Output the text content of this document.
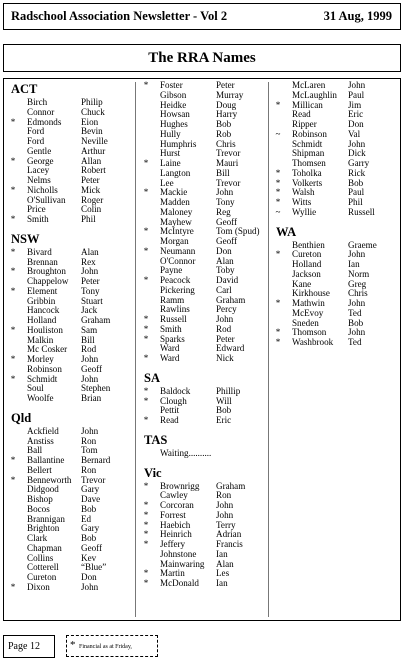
Radschool Association Newsletter - Vol 2	31 Aug, 1999
The RRA Names
ACT
Birch	Philip
Connor	Chuck
*	Edmonds Eion
Ford	Bevin
Ford	Neville
Gentle	Arthur
*	George	Allan
Lacey	Robert
Nelms	Peter
*	Nicholls	Mick
O'Sullivan Roger
Price	Colin
*	Smith	Phil
NSW
*	Bivard	Alan
Brennan	Rex
*	Broughton John
Chappelow Peter
*	Element	Tony
Gribbin	Stuart
Hancock Jack
Holland	Graham
*	Houliston Sam
Malkin	Bill
Mc Cosker Rod
*	Morley	John
Robinson Geoff
*	Schmidt	John
Soul	Stephen
Woolfe	Brian
Qld
Ackfield John
Anstiss	Ron
Ball	Tom
*	Ballantine Bernard
Bellert	Ron
*	Benneworth Trevor
Didgood Gary
Bishop	Dave
Bocos	Bob
Brannigan Ed
Brighton Gary
Clark	Bob
Chapman Geoff
Collins	Kev
Cotterell “Blue”
Cureton	Don
*	Dixon	John
*	Foster	Peter
Gibson	Murray
Heidke	Doug
Howsan	Harry
Hughes	Bob
Hully	Rob
Humphris Chris
Hurst	Trevor
*	Laine	Mauri
Langton	Bill
Lee	Trevor
*	Mackie	John
Madden	Tony
Maloney	Reg
Mayhew	Geoff
*	McIntyre Tom (Spud)
Morgan	Geoff
*	Neumann Don
O'Connor Alan
Payne	Toby
*	Peacock	David
Pickering Carl
Ramm	Graham
Rawlins	Percy
*	Russell	John
*	Smith	Rod
*	Sparks	Peter
Ward	Edward
*	Ward	Nick
SA
*	Baldock	Phillip
*	Clough	Will
Pettit	Bob
*	Read	Eric
TAS
Waiting..........
Vic
*	Brownrigg Graham
Cawley	Ron
*	Corcoran John
*	Forrest	John
*	Haebich	Terry
*	Heinrich	Adrian
*	Jeffery	Francis
Johnstone Ian
Mainwaring Alan
*	Martin	Les
*	McDonald Ian
McLaren John
McLaughlin Paul
*	Millican	Jim
Read	Eric
Ripper	Don
~ Robinson Val
Schmidt	John
Shipman	Dick
Thomsen Garry
*	Toholka	Rick
*	Volkerts	Bob
*	Walsh	Paul
*	Witts	Phil
~ Wyllie	Russell
WA
Benthien	Graeme
*	Cureton	John
Holland	Ian
Jackson	Norm
Kane	Greg
Kirkhouse Chris
*	Mathwin	John
McEvoy	Ted
Sneden	Bob
*	Thomson John
*	Washbrook Ted
Page 12	* Financial as at Friday,
